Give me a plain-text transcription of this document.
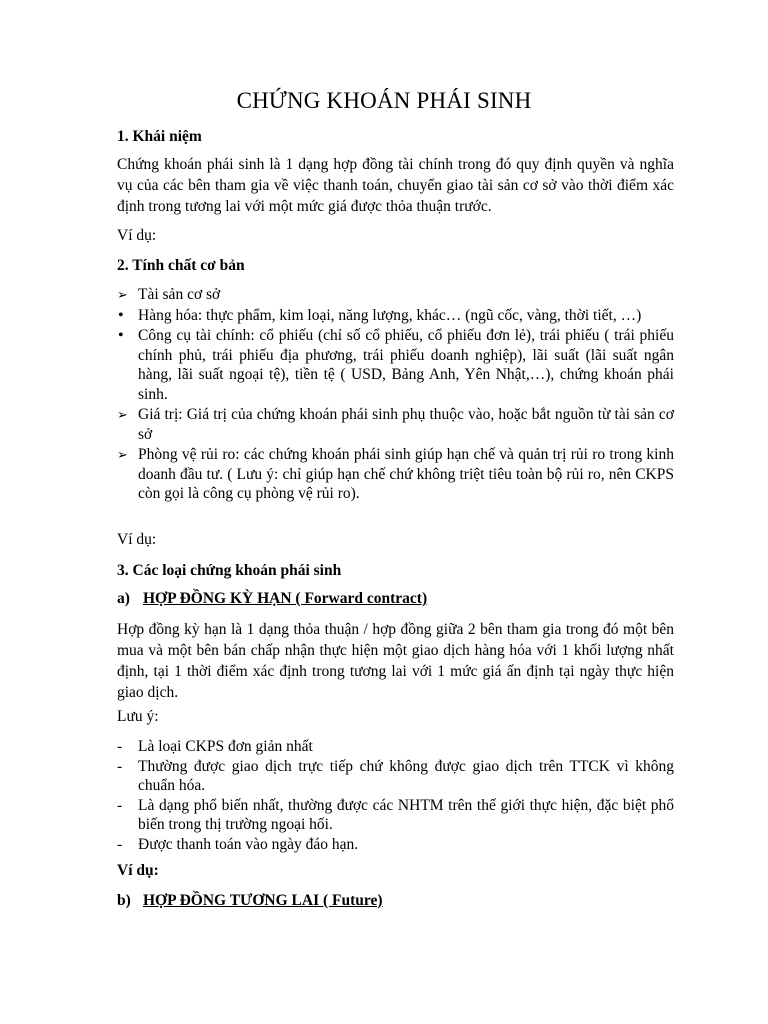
CHỨNG KHOÁN PHÁI SINH
1. Khái niệm
Chứng khoán phái sinh là 1 dạng hợp đồng tài chính trong đó quy định quyền và nghĩa vụ của các bên tham gia về việc thanh toán, chuyển giao tài sản cơ sở vào thời điểm xác định trong tương lai với một mức giá được thỏa thuận trước.
Ví dụ:
2. Tính chất cơ bản
➢ Tài sản cơ sở
• Hàng hóa: thực phẩm, kim loại, năng lượng, khác… (ngũ cốc, vàng, thời tiết, …)
• Công cụ tài chính: cổ phiếu (chỉ số cổ phiếu, cổ phiếu đơn lẻ), trái phiếu ( trái phiếu chính phủ, trái phiếu địa phương, trái phiếu doanh nghiệp), lãi suất (lãi suất ngân hàng, lãi suất ngoại tệ), tiền tệ ( USD, Bảng Anh, Yên Nhật,…), chứng khoán phái sinh.
➢ Giá trị: Giá trị của chứng khoán phái sinh phụ thuộc vào, hoặc bắt nguồn từ tài sản cơ sở
➢ Phòng vệ rủi ro: các chứng khoán phái sinh giúp hạn chế và quản trị rủi ro trong kinh doanh đầu tư. ( Lưu ý: chỉ giúp hạn chế chứ không triệt tiêu toàn bộ rủi ro, nên CKPS còn gọi là công cụ phòng vệ rủi ro).
Ví dụ:
3. Các loại chứng khoán phái sinh
a) HỢP ĐỒNG KỲ HẠN ( Forward contract)
Hợp đồng kỳ hạn là 1 dạng thỏa thuận / hợp đồng giữa 2 bên tham gia trong đó một bên mua và một bên bán chấp nhận thực hiện một giao dịch hàng hóa với 1 khối lượng nhất định, tại 1 thời điểm xác định trong tương lai với 1 mức giá ấn định tại ngày thực hiện giao dịch.
Lưu ý:
- Là loại CKPS đơn giản nhất
- Thường được giao dịch trực tiếp chứ không được giao dịch trên TTCK vì không chuẩn hóa.
- Là dạng phổ biến nhất, thường được các NHTM trên thế giới thực hiện, đặc biệt phổ biến trong thị trường ngoại hối.
- Được thanh toán vào ngày đáo hạn.
Ví dụ:
b) HỢP ĐỒNG TƯƠNG LAI ( Future)
